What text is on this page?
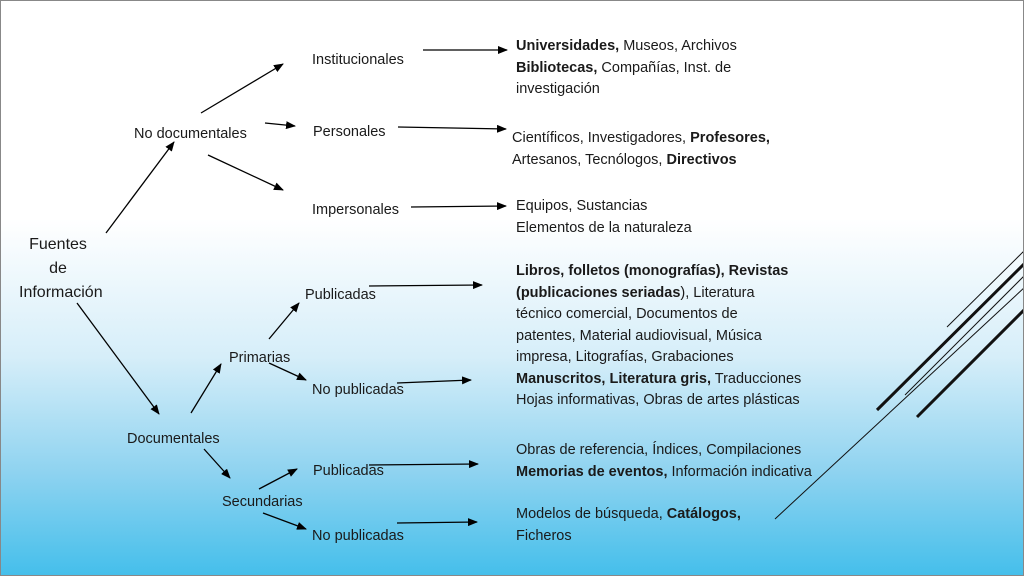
Fuentes
de
Información
No documentales
Institucionales
Personales
Impersonales
Documentales
Primarias
Publicadas
No publicadas
Secundarias
Publicadas
No publicadas
Universidades, Museos, Archivos
Bibliotecas, Compañías, Inst. de
investigación
Científicos, Investigadores, Profesores,
Artesanos, Tecnólogos, Directivos
Equipos, Sustancias
Elementos de la naturaleza
Libros, folletos (monografías), Revistas
(publicaciones seriadas), Literatura
técnico comercial, Documentos de
patentes, Material audiovisual, Música
impresa, Litografías, Grabaciones
Manuscritos, Literatura gris, Traducciones
Hojas informativas, Obras de artes plásticas
Obras de referencia, Índices, Compilaciones
Memorias de eventos, Información indicativa
Modelos de búsqueda, Catálogos,
Ficheros
